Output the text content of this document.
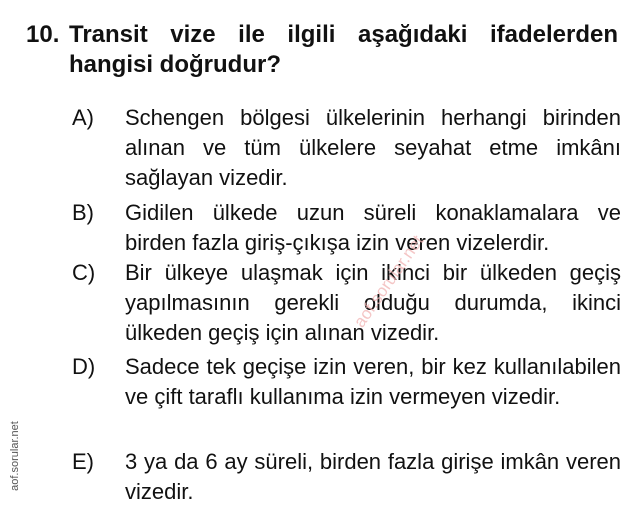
10. Transit vize ile ilgili aşağıdaki ifadelerden hangisi doğrudur?
A) Schengen bölgesi ülkelerinin herhangi birinden alınan ve tüm ülkelere seyahat etme imkânı sağlayan vizedir.
B) Gidilen ülkede uzun süreli konaklamalara ve birden fazla giriş-çıkışa izin veren vizelerdir.
C) Bir ülkeye ulaşmak için ikinci bir ülkeden geçiş yapılmasının gerekli olduğu durumda, ikinci ülkeden geçiş için alınan vizedir.
D) Sadece tek geçişe izin veren, bir kez kullanılabilen ve çift taraflı kullanıma izin vermeyen vizedir.
E) 3 ya da 6 ay süreli, birden fazla girişe imkân veren vizedir.
aof.sorular.net
aof.sorular.net
